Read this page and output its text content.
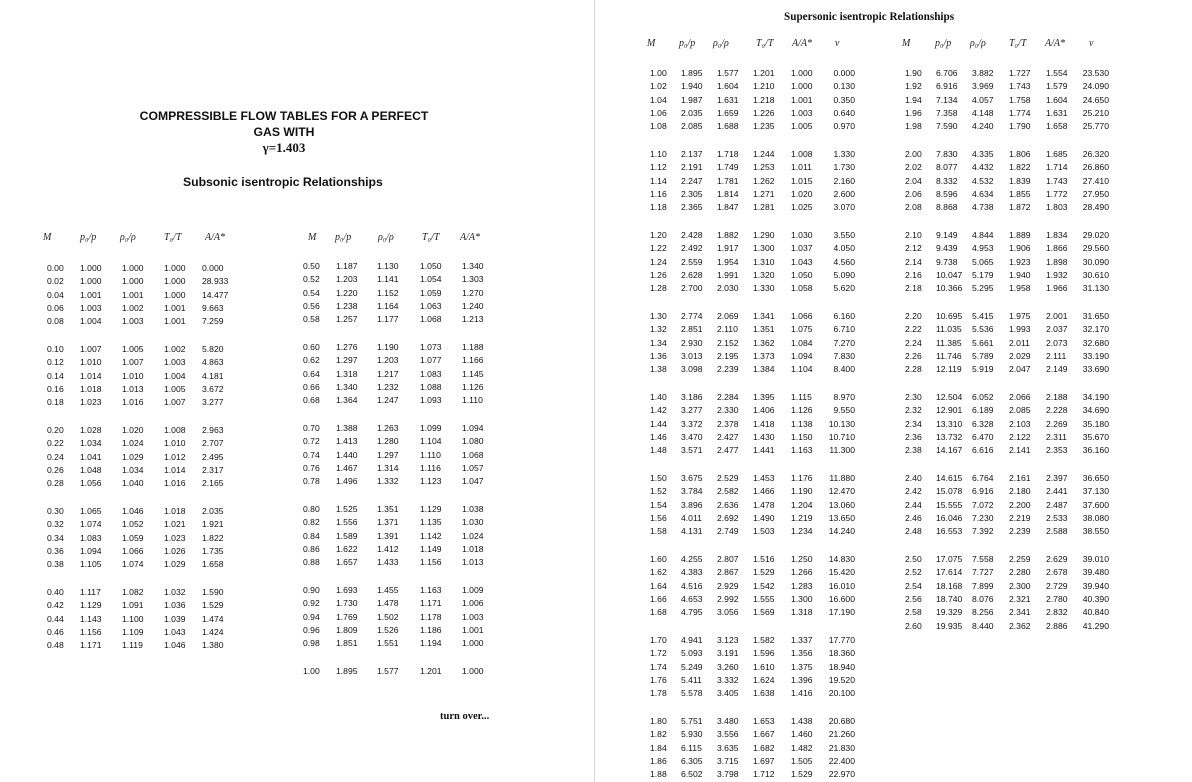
COMPRESSIBLE FLOW TABLES FOR A PERFECT GAS WITH
γ=1.403
Subsonic isentropic Relationships
M	p₀/p ρ₀/ρ	T₀/T A/A*	M p₀/p	ρ₀/ρ	T₀/T A/A*
0.00 1.000 1.000 1.000 0.000
0.02 1.000 1.000 1.000 28.933
0.04 1.001 1.001 1.000 14.477
0.06 1.003 1.002 1.001 9.663
0.08 1.004 1.003 1.001 7.259
0.10 1.007 1.005 1.002 5.820
0.12 1.010 1.007 1.003 4.863
0.14 1.014 1.010 1.004 4.181
0.16 1.018 1.013 1.005 3.672
0.18 1.023 1.016 1.007 3.277
0.20 1.028 1.020 1.008 2.963
0.22 1.034 1.024 1.010 2.707
0.24 1.041 1.029 1.012 2.495
0.26 1.048 1.034 1.014 2.317
0.28 1.056 1.040 1.016 2.165
0.30 1.065 1.046 1.018 2.035
0.32 1.074 1.052 1.021 1.921
0.34 1.083 1.059 1.023 1.822
0.36 1.094 1.066 1.026 1.735
0.38 1.105 1.074 1.029 1.658
0.40 1.117 1.082 1.032 1.590
0.42 1.129 1.091 1.036 1.529
0.44 1.143 1.100 1.039 1.474
0.46 1.156 1.109 1.043 1.424
0.48 1.171 1.119 1.046 1.380
0.50 1.187 1.130 1.050 1.340
0.52 1.203 1.141 1.054 1.303
0.54 1.220 1.152 1.059 1.270
0.56 1.238 1.164 1.063 1.240
0.58 1.257 1.177 1.068 1.213
0.60 1.276 1.190 1.073 1.188
0.62 1.297 1.203 1.077 1.166
0.64 1.318 1.217 1.083 1.145
0.66 1.340 1.232 1.088 1.126
0.68 1.364 1.247 1.093 1.110
0.70 1.388 1.263 1.099 1.094
0.72 1.413 1.280 1.104 1.080
0.74 1.440 1.297 1.110 1.068
0.76 1.467 1.314 1.116 1.057
0.78 1.496 1.332 1.123 1.047
0.80 1.525 1.351 1.129 1.038
0.82 1.556 1.371 1.135 1.030
0.84 1.589 1.391 1.142 1.024
0.86 1.622 1.412 1.149 1.018
0.88 1.657 1.433 1.156 1.013
0.90 1.693 1.455 1.163 1.009
0.92 1.730 1.478 1.171 1.006
0.94 1.769 1.502 1.178 1.003
0.96 1.809 1.526 1.186 1.001
0.98 1.851 1.551 1.194 1.000
1.00 1.895 1.577 1.201 1.000
turn over...
M p₀/p ρ₀/ρ	T₀/T A/A* ν	M p₀/p ρ₀/ρ T₀/T A/A* ν
1.00 1.895 1.577 1.201 1.000	0.000
1.02 1.940 1.604 1.210 1.000	0.130
1.04 1.987 1.631 1.218 1.001	0.350
1.06 2.035 1.659 1.226 1.003	0.640
1.08 2.085 1.688 1.235 1.005	0.970
1.10 2.137 1.718 1.244 1.008	1.330
1.12 2.191 1.749 1.253 1.011	1.730
1.14 2.247 1.781 1.262 1.015	2.160
1.16 2.305 1.814 1.271 1.020	2.600
1.18 2.365 1.847 1.281 1.025	3.070
1.20 2.428 1.882 1.290 1.030	3.550
1.22 2.492 1.917 1.300 1.037	4.050
1.24 2.559 1.954 1.310 1.043	4.560
1.26 2.628 1.991 1.320 1.050	5.090
1.28 2.700 2.030 1.330 1.058	5.620
1.30 2.774 2.069 1.341 1.066	6.160
1.32 2.851 2.110 1.351 1.075	6.710
1.34 2.930 2.152 1.362 1.084	7.270
1.36 3.013 2.195 1.373 1.094	7.830
1.38 3.098 2.239 1.384 1.104	8.400
1.40 3.186 2.284 1.395 1.115	8.970
1.42 3.277 2.330 1.406 1.126	9.550
1.44 3.372 2.378 1.418 1.138	10.130
1.46 3.470 2.427 1.430 1.150	10.710
1.48 3.571 2.477 1.441 1.163	11.300
1.50 3.675 2.529 1.453 1.176	11.880
1.52 3.784 2.582 1.466 1.190	12.470
1.54 3.896 2.636 1.478 1.204	13.060
1.56 4.011 2.692 1.490 1.219	13.650
1.58 4.131 2.749 1.503 1.234	14.240
1.60 4.255 2.807 1.516 1.250	14.830
1.62 4.383 2.867 1.529 1.266	15.420
1.64 4.516 2.929 1.542 1.283	16.010
1.66 4.653 2.992 1.555 1.300	16.600
1.68 4.795 3.056 1.569 1.318	17.190
1.70 4.941 3.123 1.582 1.337	17.770
1.72 5.093 3.191 1.596 1.356	18.360
1.74 5.249 3.260 1.610 1.375	18.940
1.76 5.411 3.332 1.624 1.396	19.520
1.78 5.578 3.405 1.638 1.416	20.100
1.80 5.751 3.480 1.653 1.438	20.680
1.82 5.930 3.556 1.667 1.460	21.260
1.84 6.115 3.635 1.682 1.482	21.830
1.86 6.305 3.715 1.697 1.505	22.400
1.88 6.502 3.798 1.712 1.529	22.970
1.90 6.706 3.882 1.727 1.554	23.530
1.92 6.916 3.969 1.743 1.579	24.090
1.94 7.134 4.057 1.758 1.604	24.650
1.96 7.358 4.148 1.774 1.631	25.210
1.98 7.590 4.240 1.790 1.658	25.770
2.00 7.830 4.335 1.806 1.685	26.320
2.02 8.077 4.432 1.822 1.714	26.860
2.04 8.332 4.532 1.839 1.743	27.410
2.06 8.596 4.634 1.855 1.772	27.950
2.08 8.868 4.738 1.872 1.803	28.490
2.10 9.149 4.844 1.889 1.834	29.020
2.12 9.439 4.953 1.906 1.866	29.560
2.14 9.738 5.065 1.923 1.898	30.090
2.16 10.047 5.179 1.940 1.932	30.610
2.18 10.366 5.295 1.958 1.966	31.130
2.20 10.695 5.415 1.975 2.001	31.650
2.22 11.035 5.536 1.993 2.037	32.170
2.24 11.385 5.661 2.011 2.073	32.680
2.26 11.746 5.789 2.029 2.111	33.190
2.28 12.119 5.919 2.047 2.149	33.690
2.30 12.504 6.052 2.066 2.188	34.190
2.32 12.901 6.189 2.085 2.228	34.690
2.34 13.310 6.328 2.103 2.269	35.180
2.36 13.732 6.470 2.122 2.311	35.670
2.38 14.167 6.616 2.141 2.353	36.160
2.40 14.615 6.764 2.161 2.397	36.650
2.42 15.078 6.916 2.180 2.441	37.130
2.44 15.555 7.072 2.200 2.487	37.600
2.46 16.046 7.230 2.219 2.533	38.080
2.48 16.553 7.392 2.239 2.588	38.550
2.50 17.075 7.558 2.259 2.629	39.010
2.52 17.614 7.727 2.280 2.678	39.480
2.54 18.168 7.899 2.300 2.729	39.940
2.56 18.740 8.076 2.321 2.780	40.390
2.58 19.329 8.256 2.341 2.832	40.840
2.60 19.935 8.440 2.362 2.886	41.290
Supersonic isentropic Relationships
